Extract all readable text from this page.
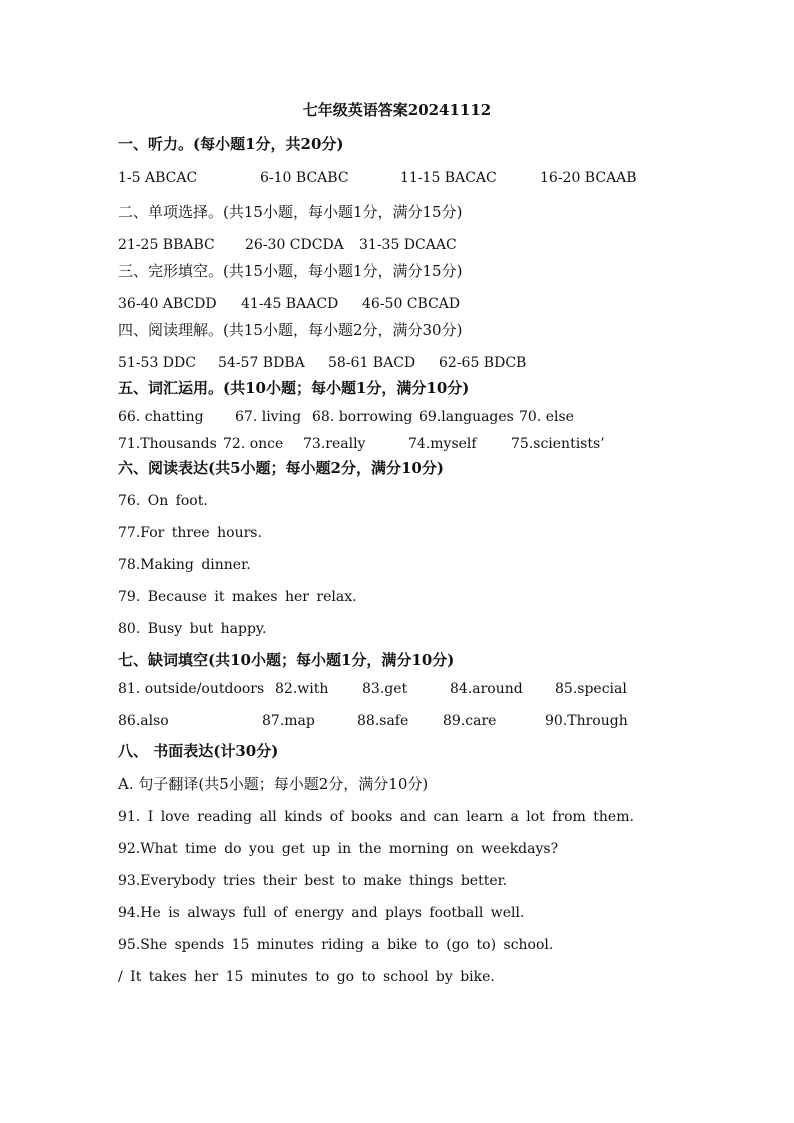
七年级英语答案20241112
一、听力。(每小题1分，共20分)
1-5 ABCAC	6-10 BCABC	11-15 BACAC	16-20 BCAAB
二、单项选择。(共15小题，每小题1分，满分15分)
21-25 BBABC 26-30 CDCDA 31-35 DCAAC
三、完形填空。(共15小题，每小题1分，满分15分)
36-40 ABCDD 41-45 BAACD 46-50 CBCAD
四、阅读理解。(共15小题，每小题2分，满分30分)
51-53 DDC 54-57 BDBA 58-61 BACD 62-65 BDCB
五、词汇运用。(共10小题；每小题1分，满分10分)
66. chatting 67. living 68. borrowing 69.languages 70. else
71.Thousands 72. once 73.really	74.myself 75.scientists’
六、阅读表达(共5小题；每小题2分，满分10分)
76. On foot.
77.For three hours.
78.Making dinner.
79. Because it makes her relax.
80. Busy but happy.
七、缺词填空(共10小题；每小题1分，满分10分)
81. outside/outdoors 82.with 83.get	84.around 85.special
86.also	87.map	88.safe 89.care	90.Through
八、 书面表达(计30分)
A. 句子翻译(共5小题；每小题2分，满分10分)
91. I love reading all kinds of books and can learn a lot from them.
92.What time do you get up in the morning on weekdays?
93.Everybody tries their best to make things better.
94.He is always full of energy and plays football well.
95.She spends 15 minutes riding a bike to (go to) school.
/ It takes her 15 minutes to go to school by bike.
